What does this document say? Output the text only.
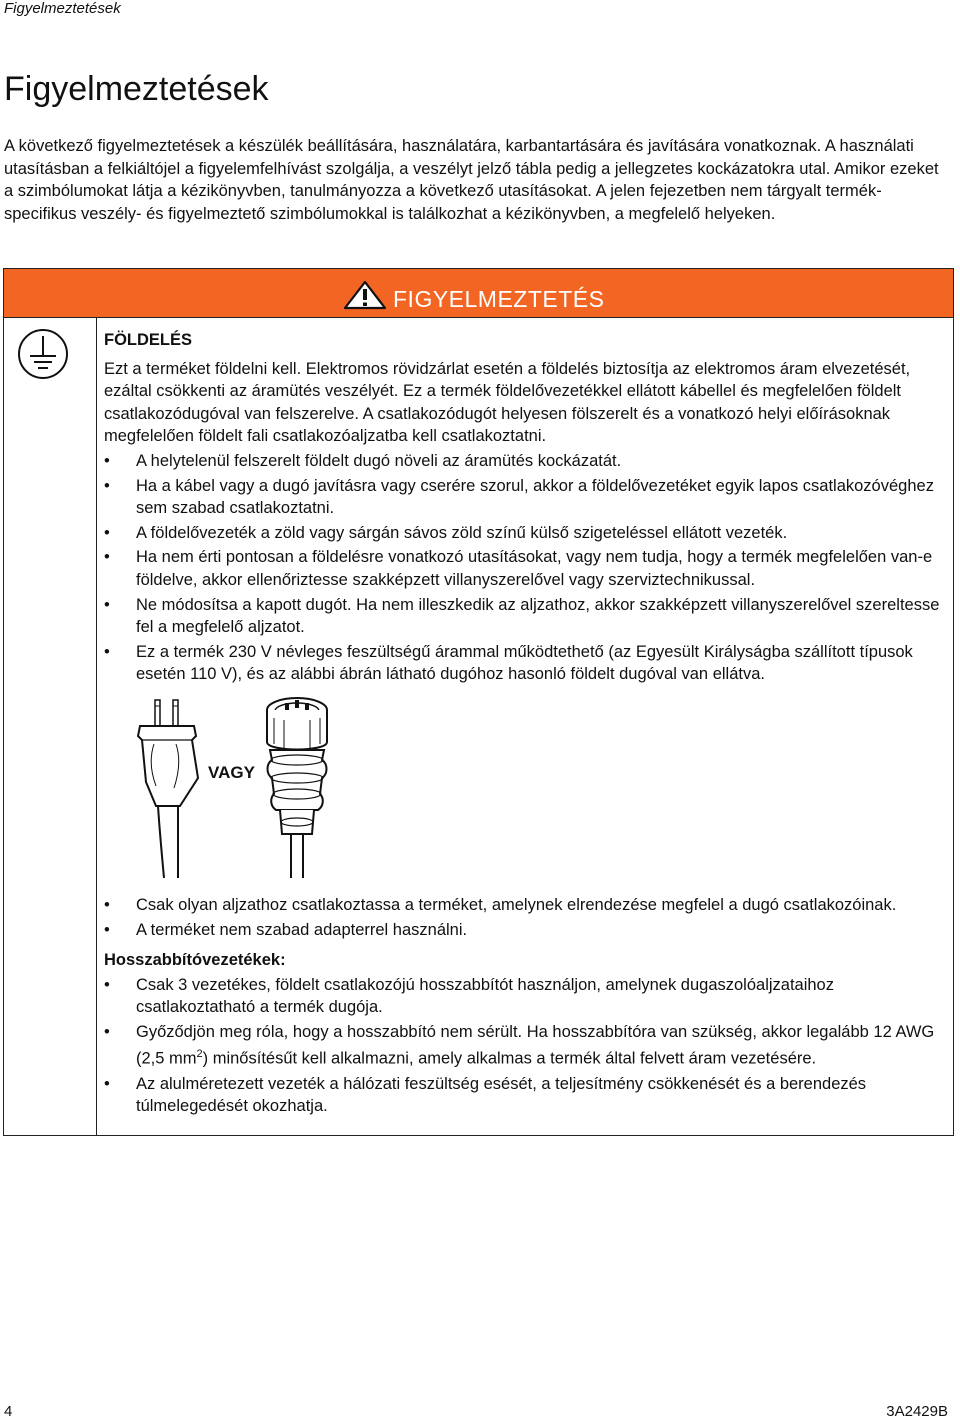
Figyelmeztetések
Figyelmeztetések

A következő figyelmeztetések a készülék beállítására, használatára, karbantartására és javítására vonatkoznak. A használati utasításban a felkiáltójel a figyelemfelhívást szolgálja, a veszélyt jelző tábla pedig a jellegzetes kockázatokra utal. Amikor ezeket a szimbólumokat látja a kézikönyvben, tanulmányozza a következő utasításokat. A jelen fejezetben nem tárgyalt termék-specifikus veszély- és figyelmeztető szimbólumokkal is találkozhat a kézikönyvben, a megfelelő helyeken.

FIGYELMEZTETÉS
FÖLDELÉS

Ezt a terméket földelni kell. Elektromos rövidzárlat esetén a földelés biztosítja az elektromos áram elvezetését, ezáltal csökkenti az áramütés veszélyét. Ez a termék földelővezetékkel ellátott kábellel és megfelelően földelt csatlakozódugóval van felszerelve. A csatlakozódugót helyesen fölszerelt és a vonatkozó helyi előírásoknak megfelelően földelt fali csatlakozóaljzatba kell csatlakoztatni.

• A helytelenül felszerelt földelt dugó növeli az áramütés kockázatát.
• Ha a kábel vagy a dugó javításra vagy cserére szorul, akkor a földelővezetéket egyik lapos csatlakozóvéghez sem szabad csatlakoztatni.
• A földelővezeték a zöld vagy sárgán sávos zöld színű külső szigeteléssel ellátott vezeték.
• Ha nem érti pontosan a földelésre vonatkozó utasításokat, vagy nem tudja, hogy a termék megfelelően van-e földelve, akkor ellenőriztesse szakképzett villanyszerelővel vagy szerviztechnikussal.
• Ne módosítsa a kapott dugót. Ha nem illeszkedik az aljzathoz, akkor szakképzett villanyszerelővel szereltesse fel a megfelelő aljzatot.
• Ez a termék 230 V névleges feszültségű árammal működtethető (az Egyesült Királyságba szállított típusok esetén 110 V), és az alábbi ábrán látható dugóhoz hasonló földelt dugóval van ellátva.
VAGY
• Csak olyan aljzathoz csatlakoztassa a terméket, amelynek elrendezése megfelel a dugó csatlakozóinak.
• A terméket nem szabad adapterrel használni.
Hosszabbítóvezetékek:
• Csak 3 vezetékes, földelt csatlakozójú hosszabbítót használjon, amelynek dugaszolóaljzataihoz csatlakoztatható a termék dugója.
• Győződjön meg róla, hogy a hosszabbító nem sérült. Ha hosszabbítóra van szükség, akkor legalább 12 AWG (2,5 $mm^2$) minősítésűt kell alkalmazni, amely alkalmas a termék által felvett áram vezetésére.
• Az alulméretezett vezeték a hálózati feszültség esését, a teljesítmény csökkenését és a berendezés túlmelegedését okozhatja.
4	3A2429B
